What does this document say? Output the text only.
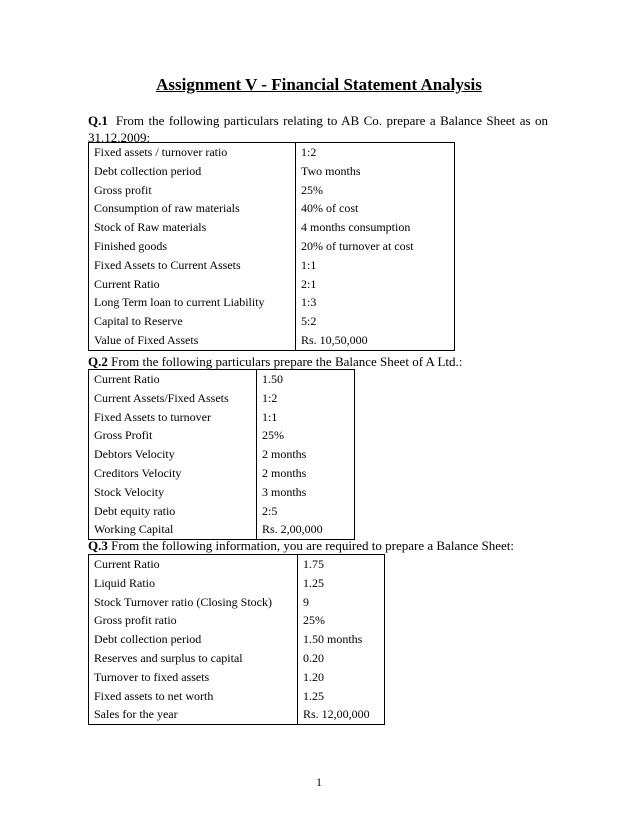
Assignment V - Financial Statement Analysis
Q.1 From the following particulars relating to AB Co. prepare a Balance Sheet as on
31.12.2009:
Fixed assets / turnover ratio	1:2
Debt collection period	Two months
Gross profit	25%
Consumption of raw materials	40% of cost
Stock of Raw materials	4 months consumption
Finished goods	20% of turnover at cost
Fixed Assets to Current Assets	1:1
Current Ratio	2:1
Long Term loan to current Liability	1:3
Capital to Reserve	5:2
Value of Fixed Assets	Rs. 10,50,000
Q.2 From the following particulars prepare the Balance Sheet of A Ltd.:
Current Ratio	1.50
Current Assets/Fixed Assets	1:2
Fixed Assets to turnover	1:1
Gross Profit	25%
Debtors Velocity	2 months
Creditors Velocity	2 months
Stock Velocity	3 months
Debt equity ratio	2:5
Working Capital	Rs. 2,00,000
Q.3 From the following information, you are required to prepare a Balance Sheet:
Current Ratio	1.75
Liquid Ratio	1.25
Stock Turnover ratio (Closing Stock)	9
Gross profit ratio	25%
Debt collection period	1.50 months
Reserves and surplus to capital	0.20
Turnover to fixed assets	1.20
Fixed assets to net worth	1.25
Sales for the year	Rs. 12,00,000
1
